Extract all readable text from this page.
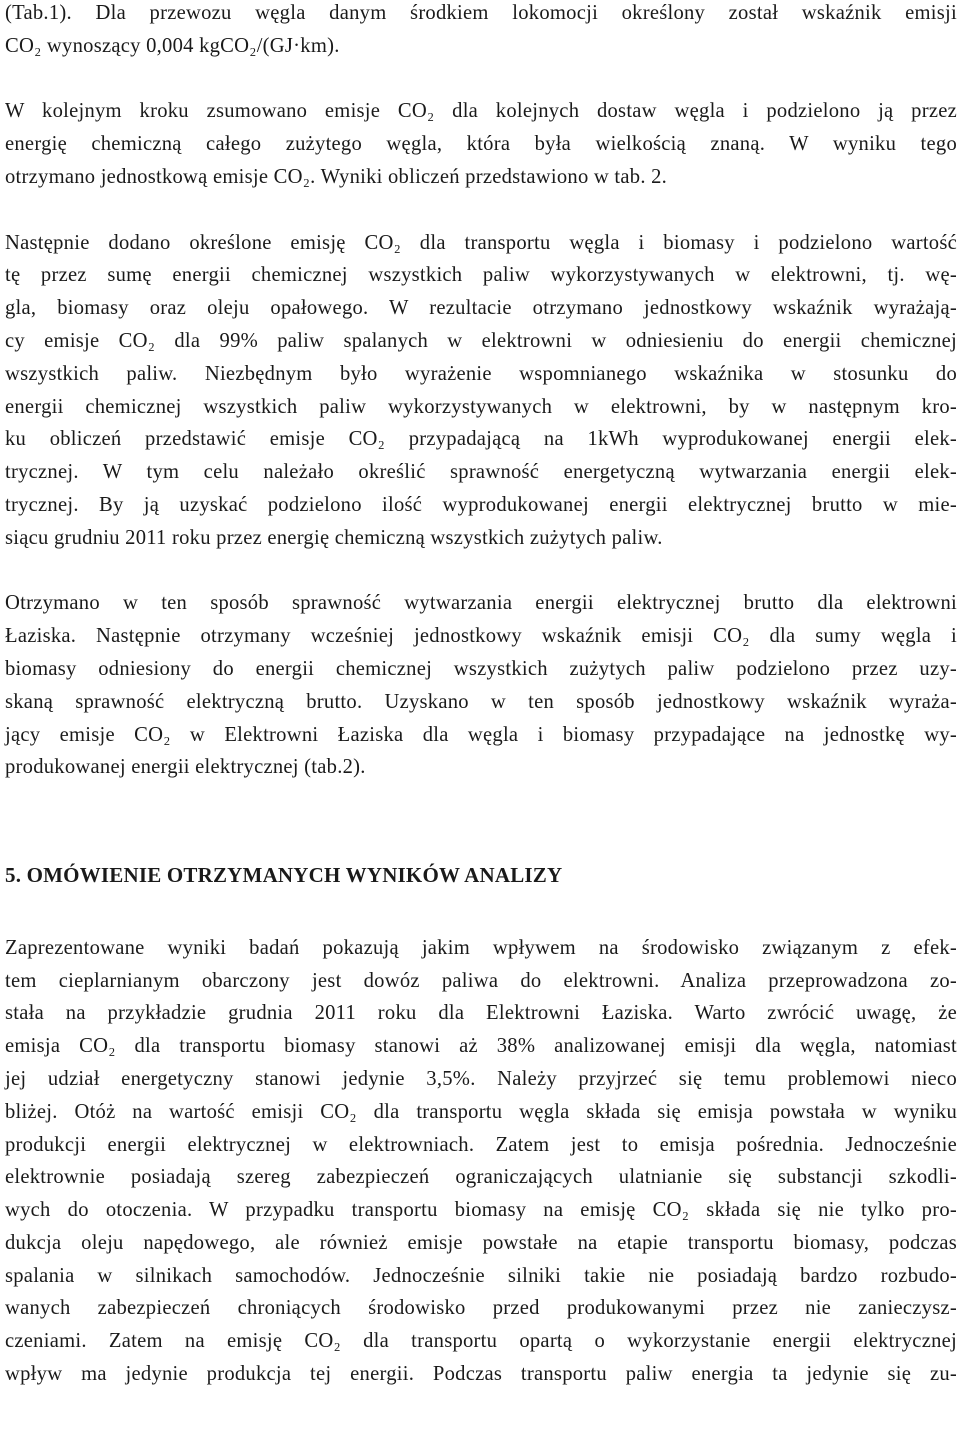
(Tab.1). Dla przewozu węgla danym środkiem lokomocji określony został wskaźnik emisji
CO₂ wynoszący 0,004 kgCO₂/(GJ·km).
W kolejnym kroku zsumowano emisje CO₂ dla kolejnych dostaw węgla i podzielono ją przez
energię chemiczną całego zużytego węgla, która była wielkością znaną. W wyniku tego
otrzymano jednostkową emisje CO₂. Wyniki obliczeń przedstawiono w tab. 2.
Następnie dodano określone emisję CO₂ dla transportu węgla i biomasy i podzielono wartość
tę przez sumę energii chemicznej wszystkich paliw wykorzystywanych w elektrowni, tj. wę-
gla, biomasy oraz oleju opałowego. W rezultacie otrzymano jednostkowy wskaźnik wyrażają-
cy emisje CO₂ dla 99% paliw spalanych w elektrowni w odniesieniu do energii chemicznej
wszystkich paliw. Niezbędnym było wyrażenie wspomnianego wskaźnika w stosunku do
energii chemicznej wszystkich paliw wykorzystywanych w elektrowni, by w następnym kro-
ku obliczeń przedstawić emisje CO₂ przypadającą na 1kWh wyprodukowanej energii elek-
trycznej. W tym celu należało określić sprawność energetyczną wytwarzania energii elek-
trycznej. By ją uzyskać podzielono ilość wyprodukowanej energii elektrycznej brutto w mie-
siącu grudniu 2011 roku przez energię chemiczną wszystkich zużytych paliw.
Otrzymano w ten sposób sprawność wytwarzania energii elektrycznej brutto dla elektrowni
Łaziska. Następnie otrzymany wcześniej jednostkowy wskaźnik emisji CO₂ dla sumy węgla i
biomasy odniesiony do energii chemicznej wszystkich zużytych paliw podzielono przez uzy-
skaną sprawność elektryczną brutto. Uzyskano w ten sposób jednostkowy wskaźnik wyraża-
jący emisje CO₂ w Elektrowni Łaziska dla węgla i biomasy przypadające na jednostkę wy-
produkowanej energii elektrycznej (tab.2).
5. OMÓWIENIE OTRZYMANYCH WYNIKÓW ANALIZY
Zaprezentowane wyniki badań pokazują jakim wpływem na środowisko związanym z efek-
tem cieplarnianym obarczony jest dowóz paliwa do elektrowni. Analiza przeprowadzona zo-
stała na przykładzie grudnia 2011 roku dla Elektrowni Łaziska. Warto zwrócić uwagę, że
emisja CO₂ dla transportu biomasy stanowi aż 38% analizowanej emisji dla węgla, natomiast
jej udział energetyczny stanowi jedynie 3,5%. Należy przyjrzeć się temu problemowi nieco
bliżej. Otóż na wartość emisji CO₂ dla transportu węgla składa się emisja powstała w wyniku
produkcji energii elektrycznej w elektrowniach. Zatem jest to emisja pośrednia. Jednocześnie
elektrownie posiadają szereg zabezpieczeń ograniczających ulatnianie się substancji szkodli-
wych do otoczenia. W przypadku transportu biomasy na emisję CO₂ składa się nie tylko pro-
dukcja oleju napędowego, ale również emisje powstałe na etapie transportu biomasy, podczas
spalania w silnikach samochodów. Jednocześnie silniki takie nie posiadają bardzo rozbudo-
wanych zabezpieczeń chroniących środowisko przed produkowanymi przez nie zanieczysz-
czeniami. Zatem na emisję CO₂ dla transportu opartą o wykorzystanie energii elektrycznej
wpływ ma jedynie produkcja tej energii. Podczas transportu paliw energia ta jedynie się zu-
